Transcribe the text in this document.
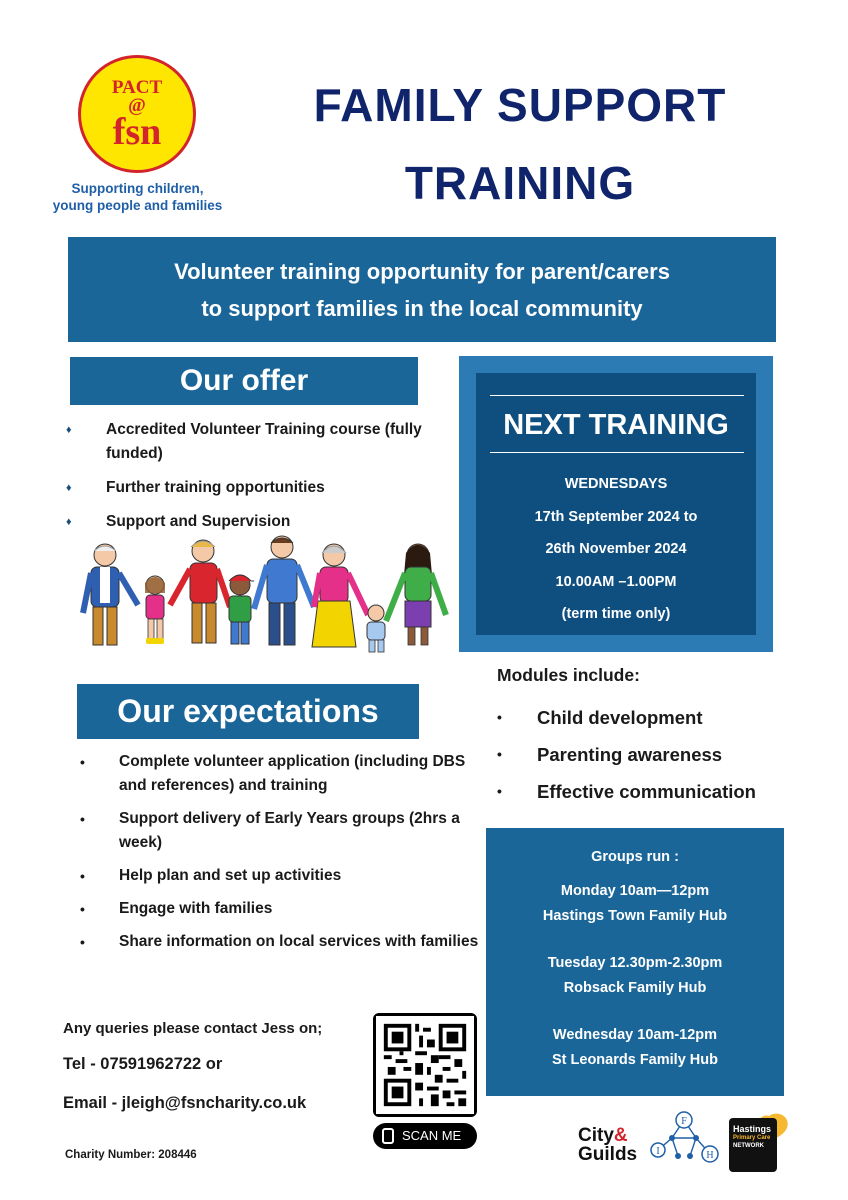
PACT
@
fsn
Supporting children,
young people and families
FAMILY SUPPORT
TRAINING
Volunteer training opportunity for parent/carers
to support families in the local community
Our offer
♦ Accredited Volunteer Training course (fully funded)
♦ Further training opportunities
♦ Support and Supervision
NEXT TRAINING
WEDNESDAYS
17th September 2024 to
26th November 2024
10.00AM –1.00PM
(term time only)
Modules include:
• Child development
• Parenting awareness
• Effective communication
Our expectations
• Complete volunteer application (including DBS and references) and training
• Support delivery of Early Years groups (2hrs a week)
• Help plan and set up activities
• Engage with families
• Share information on local services with families
Groups run :
Monday 10am—12pm
Hastings Town Family Hub
Tuesday 12.30pm-2.30pm
Robsack Family Hub
Wednesday 10am-12pm
St Leonards Family Hub
Any queries please contact Jess on;
Tel - 07591962722 or
Email - jleigh@fsncharity.co.uk
SCAN ME
Charity Number: 208446
City&
Guilds
F
I	H
Hastings
Primary Care
NETWORK
